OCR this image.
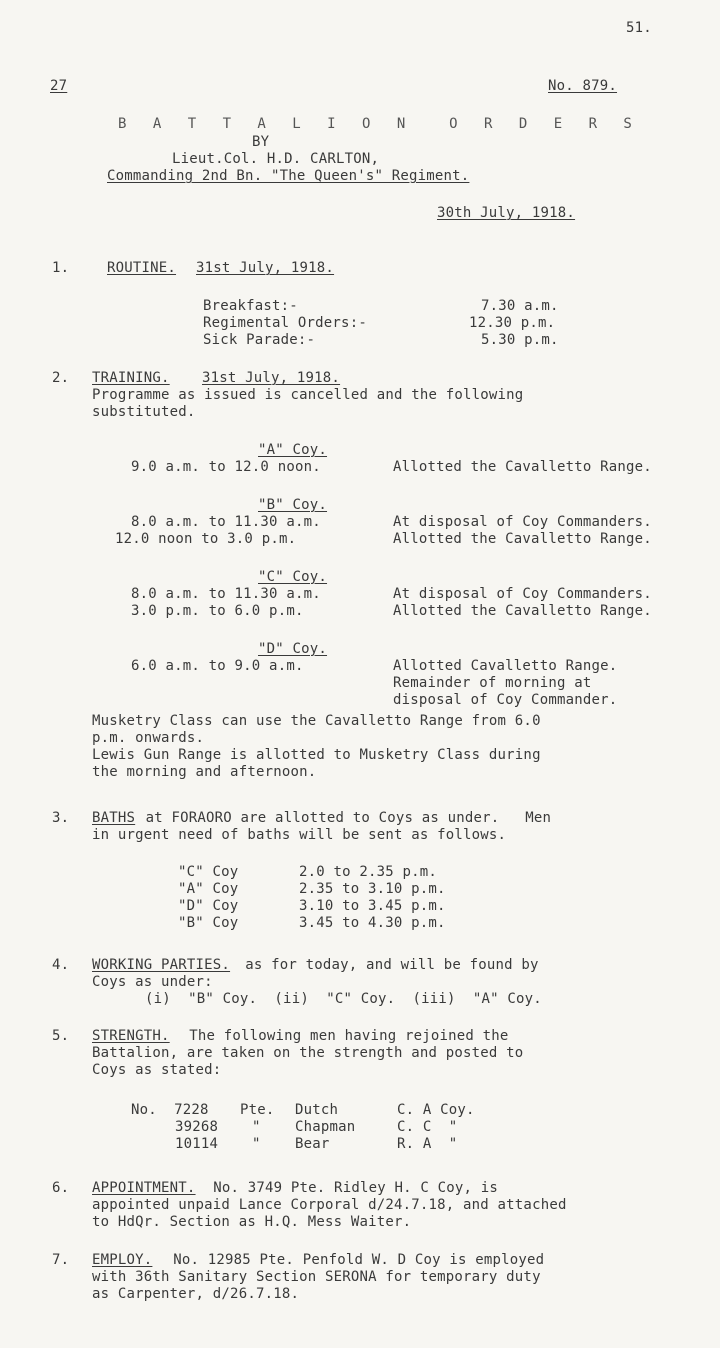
51.
27	No. 879.
B A T T A L I O N  O R D E R S
BY
Lieut.Col. H.D. CARLTON,
Commanding 2nd Bn. "The Queen's" Regiment.
30th July, 1918.
1.	ROUTINE. 31st July, 1918.
Breakfast:-	7.30 a.m.
Regimental Orders:-	12.30 p.m.
Sick Parade:-	5.30 p.m.
2. TRAINING. 31st July, 1918.
Programme as issued is cancelled and the following
substituted.
"A" Coy.
9.0 a.m. to 12.0 noon.	Allotted the Cavalletto Range.
"B" Coy.
8.0 a.m. to 11.30 a.m.	At disposal of Coy Commanders.
12.0 noon to 3.0 p.m.	Allotted the Cavalletto Range.
"C" Coy.
8.0 a.m. to 11.30 a.m.	At disposal of Coy Commanders.
3.0 p.m. to 6.0 p.m.	Allotted the Cavalletto Range.
"D" Coy.
6.0 a.m. to 9.0 a.m.	Allotted Cavalletto Range.
Remainder of morning at
disposal of Coy Commander.
Musketry Class can use the Cavalletto Range from 6.0
p.m. onwards.
Lewis Gun Range is allotted to Musketry Class during
the morning and afternoon.
3. BATHS at FORAORO are allotted to Coys as under.   Men
in urgent need of baths will be sent as follows.
"C" Coy	2.0 to 2.35 p.m.
"A" Coy	2.35 to 3.10 p.m.
"D" Coy	3.10 to 3.45 p.m.
"B" Coy	3.45 to 4.30 p.m.
4. WORKING PARTIES.
as for today, and will be found by
Coys as under:
(i)  "B" Coy.  (ii)  "C" Coy.  (iii)  "A" Coy.
5. STRENGTH. The following men having rejoined the
Battalion, are taken on the strength and posted to
Coys as stated:
No.  7228 Pte. Dutch	C. A Coy.
39268 " Chapman	C. C  "
10114 " Bear	R. A  "
6. APPOINTMENT. No. 3749 Pte. Ridley H. C Coy, is
appointed unpaid Lance Corporal d/24.7.18, and attached
to HdQr. Section as H.Q. Mess Waiter.
7. EMPLOY. No. 12985 Pte. Penfold W. D Coy is employed
with 36th Sanitary Section SERONA for temporary duty
as Carpenter, d/26.7.18.
